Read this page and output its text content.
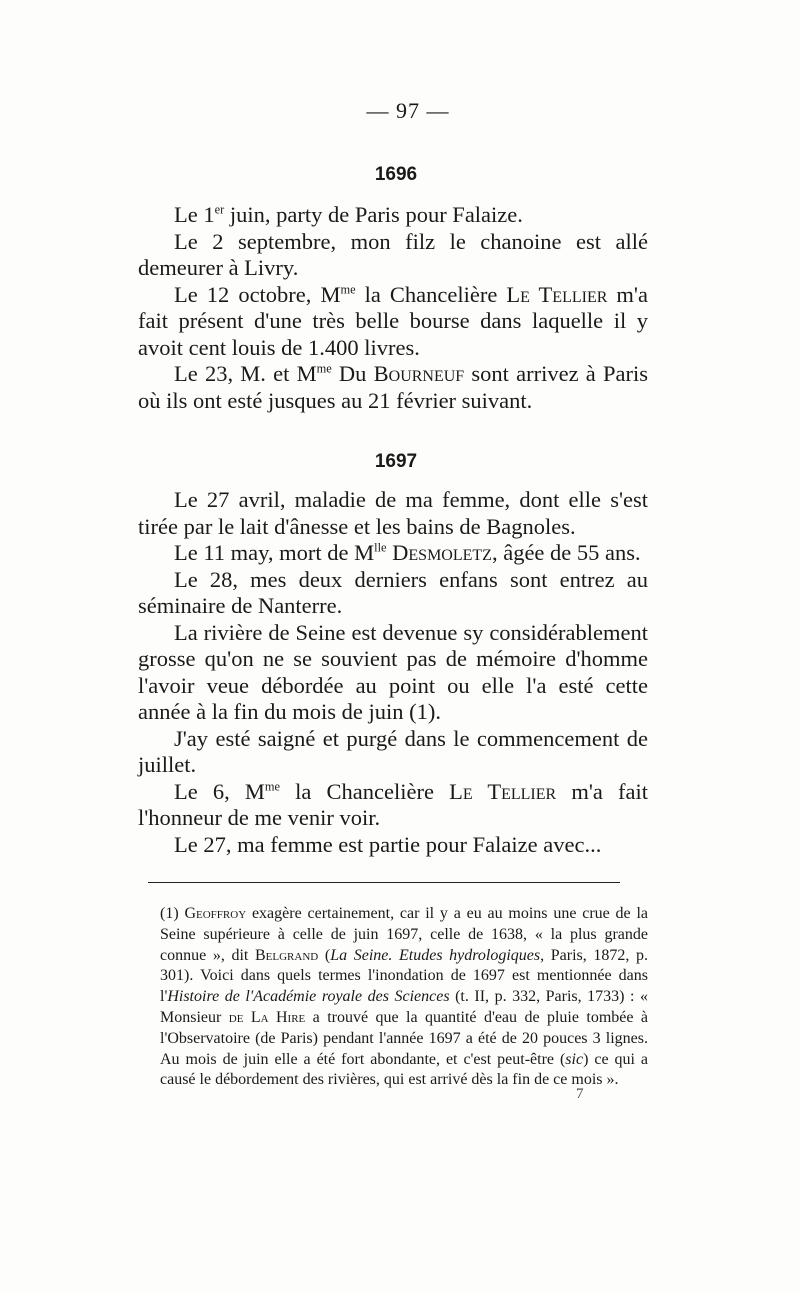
— 97 —
1696

Le 1er juin, party de Paris pour Falaize.

Le 2 septembre, mon filz le chanoine est allé demeurer à Livry.

Le 12 octobre, $M^{me}$ la Chancelière Le Tellier m'a fait présent d'une très belle bourse dans laquelle il y avoit cent louis de 1.400 livres.

Le 23, M. et $M^{me}$ Du Bourneuf sont arrivez à Paris où ils ont esté jusques au 21 février suivant.

1697

Le 27 avril, maladie de ma femme, dont elle s'est tirée par le lait d'ânesse et les bains de Bagnoles.

Le 11 may, mort de $M^{lle}$ Desmoletz, âgée de 55 ans.

Le 28, mes deux derniers enfans sont entrez au séminaire de Nanterre.

La rivière de Seine est devenue sy considérablement grosse qu'on ne se souvient pas de mémoire d'homme l'avoir veue débordée au point ou elle l'a esté cette année à la fin du mois de juin (1).

J'ay esté saigné et purgé dans le commencement de juillet.

Le 6, $M^{me}$ la Chancelière Le Tellier m'a fait l'honneur de me venir voir.

Le 27, ma femme est partie pour Falaize avec...

(1) Geoffroy exagère certainement, car il y a eu au moins une crue de la Seine supérieure à celle de juin 1697, celle de 1638, « la plus grande connue », dit Belgrand (La Seine. Etudes hydrologiques, Paris, 1872, p. 301). Voici dans quels termes l'inondation de 1697 est mentionnée dans l'Histoire de l'Académie royale des Sciences (t. II, p. 332, Paris, 1733) : « Monsieur de La Hire a trouvé que la quantité d'eau de pluie tombée à l'Observatoire (de Paris) pendant l'année 1697 a été de 20 pouces 3 lignes. Au mois de juin elle a été fort abondante, et c'est peut-être (sic) ce qui a causé le débordement des rivières, qui est arrivé dès la fin de ce mois ».

7
